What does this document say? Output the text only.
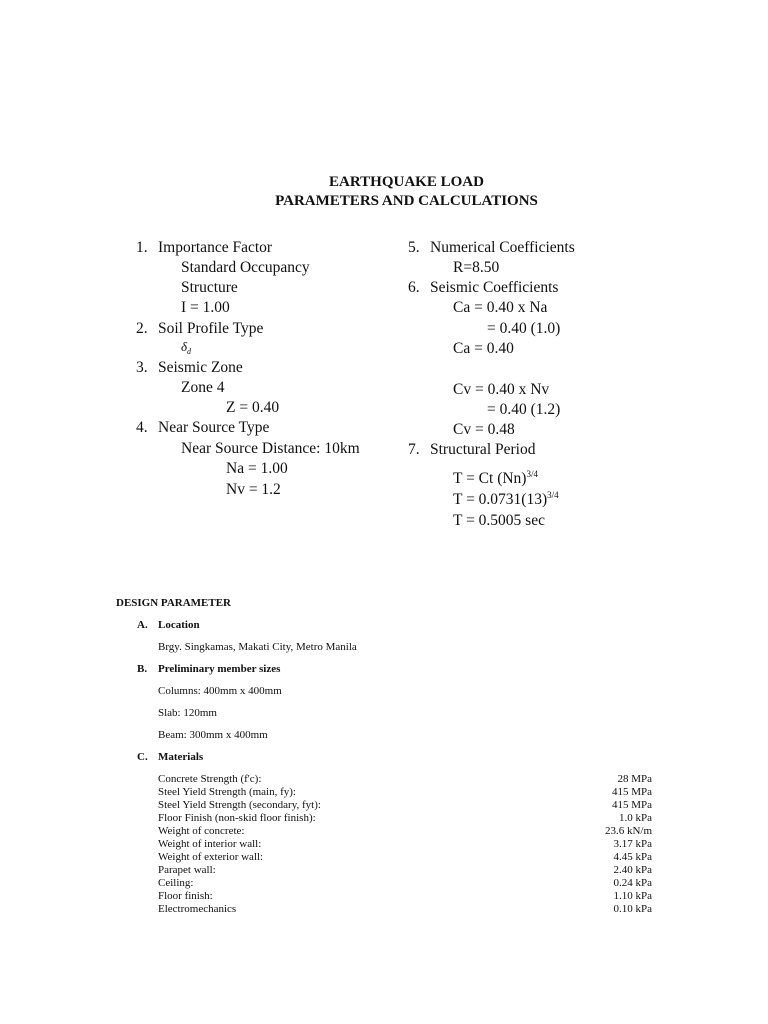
EARTHQUAKE LOAD
PARAMETERS AND CALCULATIONS
1. Importance Factor
Standard Occupancy
Structure
I = 1.00
2. Soil Profile Type
$\delta_d$
3. Seismic Zone
Zone 4
Z = 0.40
4. Near Source Type
Near Source Distance: 10km
Na = 1.00
Nv = 1.2
5. Numerical Coefficients
R=8.50
6. Seismic Coefficients
Ca = 0.40 x Na
= 0.40 (1.0)
Ca = 0.40
Cv = 0.40 x Nv
= 0.40 (1.2)
Cv = 0.48
7. Structural Period
T = Ct $(Nn)^{3/4}$
$T = 0.0731(13)^{3/4}$
T = 0.5005 sec
DESIGN PARAMETER
A. Location
Brgy. Singkamas, Makati City, Metro Manila
B. Preliminary member sizes
Columns: 400mm x 400mm
Slab: 120mm
Beam: 300mm x 400mm
C. Materials
Concrete Strength (f'c):	28 MPa
Steel Yield Strength (main, fy):	415 MPa
Steel Yield Strength (secondary, fyt):	415 MPa
Floor Finish (non-skid floor finish):	1.0 kPa
Weight of concrete:	23.6 kN/m
Weight of interior wall:	3.17 kPa
Weight of exterior wall:	4.45 kPa
Parapet wall:	2.40 kPa
Ceiling:	0.24 kPa
Floor finish:	1.10 kPa
Electromechanics	0.10 kPa
